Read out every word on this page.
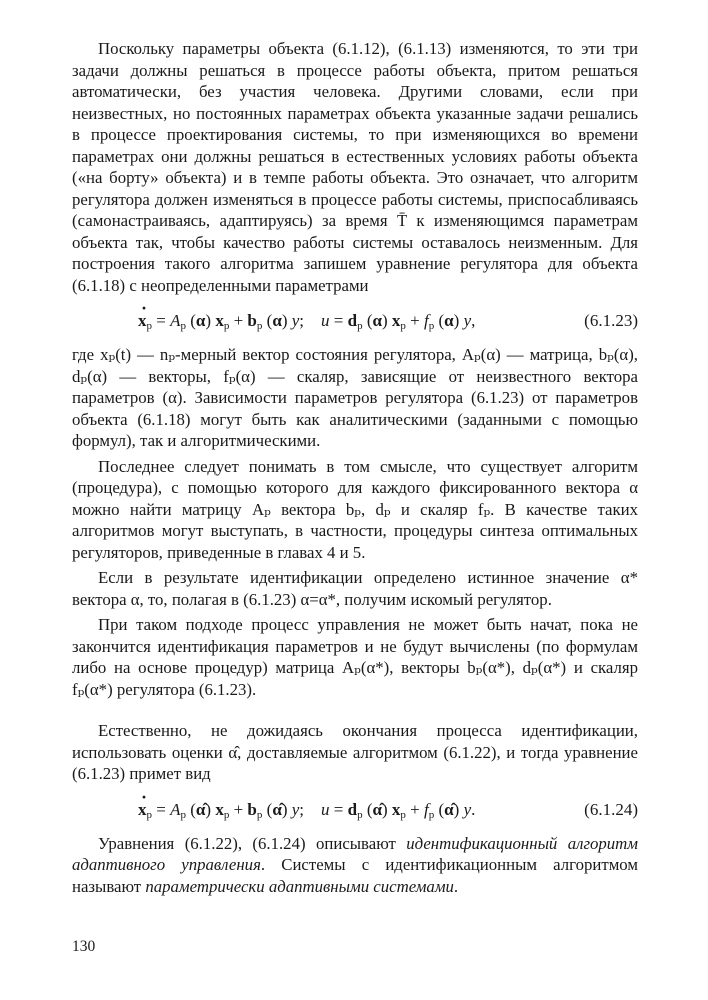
Поскольку параметры объекта (6.1.12), (6.1.13) изменяются, то эти три задачи должны решаться в процессе работы объекта, притом решаться автоматически, без участия человека. Другими словами, если при неизвестных, но постоянных параметрах объекта указанные задачи решались в процессе проектирования системы, то при изменяющихся во времени параметрах они должны решаться в естественных условиях работы объекта («на борту» объекта) и в темпе работы объекта. Это означает, что алгоритм регулятора должен изменяться в процессе работы системы, приспосабливаясь (самонастраиваясь, адаптируясь) за время T̄ к изменяющимся параметрам объекта так, чтобы качество работы системы оставалось неизменным. Для построения такого алгоритма запишем уравнение регулятора для объекта (6.1.18) с неопределенными параметрами

$x \cdot_р = A_р$ (α) $x_р + b_р$ (α) y;    $u = d_р$ (α) $x_р + f_р$ (α) y,	(6.1.23)

где xₚ(t) — nₚ-мерный вектор состояния регулятора, Aₚ(α) — матрица, bₚ(α), dₚ(α) — векторы, fₚ(α) — скаляр, зависящие от неизвестного вектора параметров (α). Зависимости параметров регулятора (6.1.23) от параметров объекта (6.1.18) могут быть как аналитическими (заданными с помощью формул), так и алгоритмическими.

Последнее следует понимать в том смысле, что существует алгоритм (процедура), с помощью которого для каждого фиксированного вектора α можно найти матрицу Aₚ вектора bₚ, dₚ и скаляр fₚ. В качестве таких алгоритмов могут выступать, в частности, процедуры синтеза оптимальных регуляторов, приведенные в главах 4 и 5.

Если в результате идентификации определено истинное значение α* вектора α, то, полагая в (6.1.23) α=α*, получим искомый регулятор.

При таком подходе процесс управления не может быть начат, пока не закончится идентификация параметров и не будут вычислены (по формулам либо на основе процедур) матрица Aₚ(α*), векторы bₚ(α*), dₚ(α*) и скаляр fₚ(α*) регулятора (6.1.23).

Естественно, не дожидаясь окончания процесса идентификации, использовать оценки α̂, доставляемые алгоритмом (6.1.22), и тогда уравнение (6.1.23) примет вид

$x \cdot_р = A_р$ (α̂) $x_р + b_р$ (α̂) y;    $u = d_р$ (α̂) $x_р + f_р$ (α̂) y.	(6.1.24)

Уравнения (6.1.22), (6.1.24) описывают идентификационный алгоритм адаптивного управления. Системы с идентификационным алгоритмом называют параметрически адаптивными системами.

130
